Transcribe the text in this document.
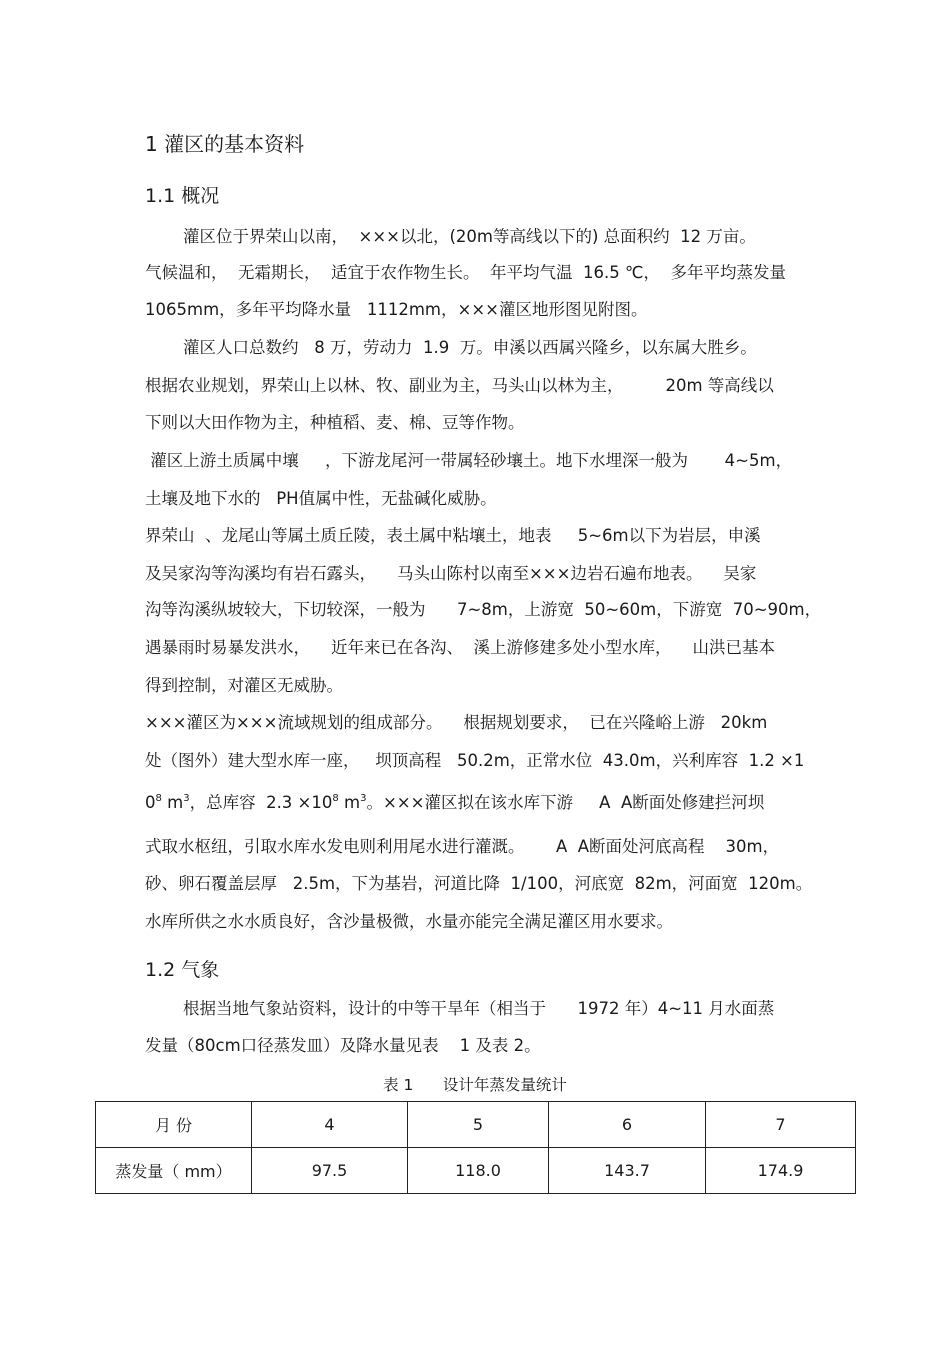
1 灌区的基本资料
1.1 概况
灌区位于界荣山以南，  ×××以北，(20m等高线以下的) 总面积约  12 万亩。
气候温和，  无霜期长，  适宜于农作物生长。  年平均气温  16.5 ℃，  多年平均蒸发量
1065mm，多年平均降水量   1112mm，×××灌区地形图见附图。
灌区人口总数约   8 万，劳动力  1.9  万。申溪以西属兴隆乡，以东属大胜乡。
根据农业规划，界荣山上以林、牧、副业为主，马头山以林为主，        20m 等高线以
下则以大田作物为主，种植稻、麦、棉、豆等作物。
灌区上游土质属中壤     ，下游龙尾河一带属轻砂壤土。地下水埋深一般为       4~5m，
土壤及地下水的   PH值属中性，无盐碱化威胁。
界荣山  、龙尾山等属土质丘陵，表土属中粘壤土，地表     5~6m以下为岩层，申溪
及吴家沟等沟溪均有岩石露头，    马头山陈村以南至×××边岩石遍布地表。    吴家
沟等沟溪纵坡较大，下切较深，一般为      7~8m，上游宽  50~60m，下游宽  70~90m，
遇暴雨时易暴发洪水，    近年来已在各沟、  溪上游修建多处小型水库，    山洪已基本
得到控制，对灌区无威胁。
×××灌区为×××流域规划的组成部分。    根据规划要求，  已在兴隆峪上游   20km
处（图外）建大型水库一座，   坝顶高程   50.2m，正常水位  43.0m，兴利库容  1.2 ×1
$0^8$ $m^3$，总库容  $2.3 \times 10^8$ $m^3$。×××灌区拟在该水库下游     A  A断面处修建拦河坝
式取水枢纽，引取水库水发电则利用尾水进行灌溉。      A  A断面处河底高程    30m，
砂、卵石覆盖层厚   2.5m，下为基岩，河道比降  1/100，河底宽  82m，河面宽  120m。
水库所供之水水质良好，含沙量极微，水量亦能完全满足灌区用水要求。
1.2 气象
根据当地气象站资料，设计的中等干旱年（相当于      1972 年）4~11 月水面蒸
发量（80cm口径蒸发皿）及降水量见表    1 及表 2。
表 1      设计年蒸发量统计
月 份	4	5	6	7
蒸发量（ mm）	97.5	118.0	143.7	174.9
